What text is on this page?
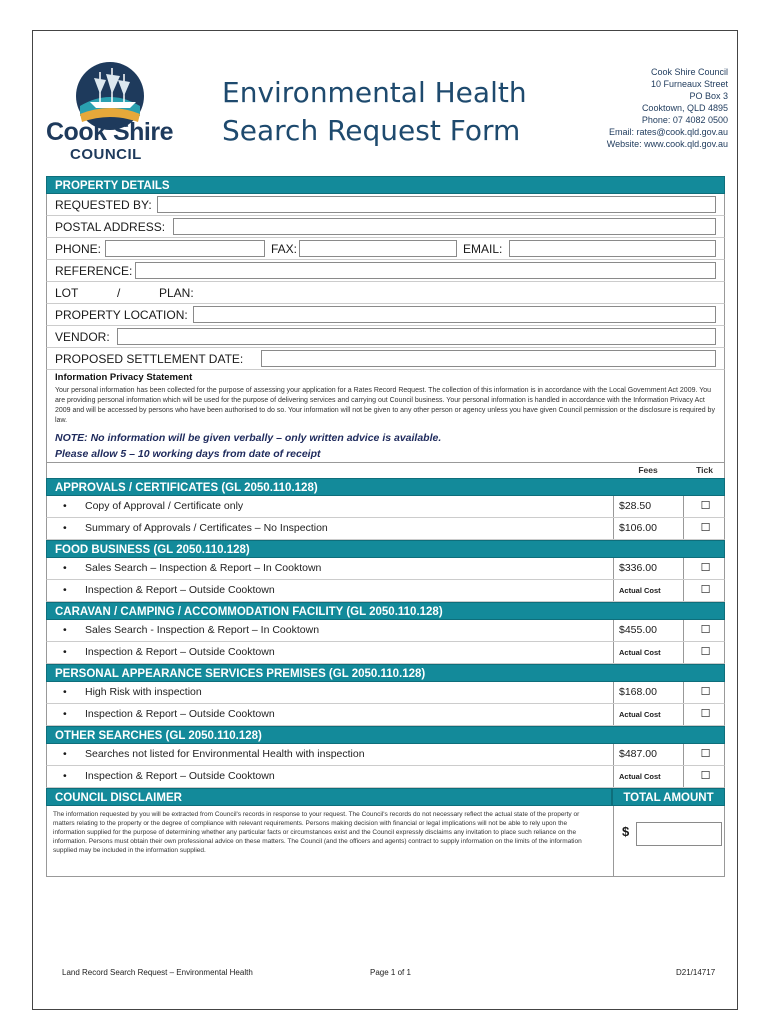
Cook Shire
COUNCIL
Environmental Health
Search Request Form
Cook Shire Council
10 Furneaux Street
PO Box 3
Cooktown, QLD 4895
Phone: 07 4082 0500
Email: rates@cook.qld.gov.au
Website: www.cook.qld.gov.au
PROPERTY DETAILS
REQUESTED BY:
POSTAL ADDRESS:
PHONE:	FAX:	EMAIL:
REFERENCE:
LOT	/	PLAN:
PROPERTY LOCATION:
VENDOR:
PROPOSED SETTLEMENT DATE:
Information Privacy Statement
Your personal information has been collected for the purpose of assessing your application for a Rates Record Request. The collection of this information is in accordance with the Local Government Act 2009. You are providing personal information which will be used for the purpose of delivering services and carrying out Council business. Your personal information is handled in accordance with the Information Privacy Act 2009 and will be accessed by persons who have been authorised to do so. Your information will not be given to any other person or agency unless you have given Council permission or the disclosure is required by law.
NOTE: No information will be given verbally – only written advice is available.
Please allow 5 – 10 working days from date of receipt
Fees	Tick
APPROVALS / CERTIFICATES (GL 2050.110.128)
• Copy of Approval / Certificate only	$28.50	☐
• Summary of Approvals / Certificates – No Inspection	$106.00	☐
FOOD BUSINESS (GL 2050.110.128)
• Sales Search – Inspection & Report – In Cooktown	$336.00	☐
• Inspection & Report – Outside Cooktown	Actual Cost	☐
CARAVAN / CAMPING / ACCOMMODATION FACILITY (GL 2050.110.128)
• Sales Search - Inspection & Report – In Cooktown	$455.00	☐
• Inspection & Report – Outside Cooktown	Actual Cost	☐
PERSONAL APPEARANCE SERVICES PREMISES (GL 2050.110.128)
• High Risk with inspection	$168.00	☐
• Inspection & Report – Outside Cooktown	Actual Cost	☐
OTHER SEARCHES (GL 2050.110.128)
• Searches not listed for Environmental Health with inspection	$487.00	☐
• Inspection & Report – Outside Cooktown	Actual Cost	☐
COUNCIL DISCLAIMER	TOTAL AMOUNT
The information requested by you will be extracted from Council's records in response to your request. The Council's records do not necessary reflect the actual state of the property or matters relating to the property or the degree of compliance with relevant requirements. Persons making decision with financial or legal implications will not be able to rely upon the information supplied for the purpose of determining whether any particular facts or circumstances exist and the Council expressly disclaims any invitation to place such reliance on the information. Persons must obtain their own professional advice on these matters. The Council (and the officers and agents) contract to supply information on the limits of the information supplied may be included in the information supplied.
$
Land Record Search Request – Environmental Health	Page 1 of 1	D21/14717
